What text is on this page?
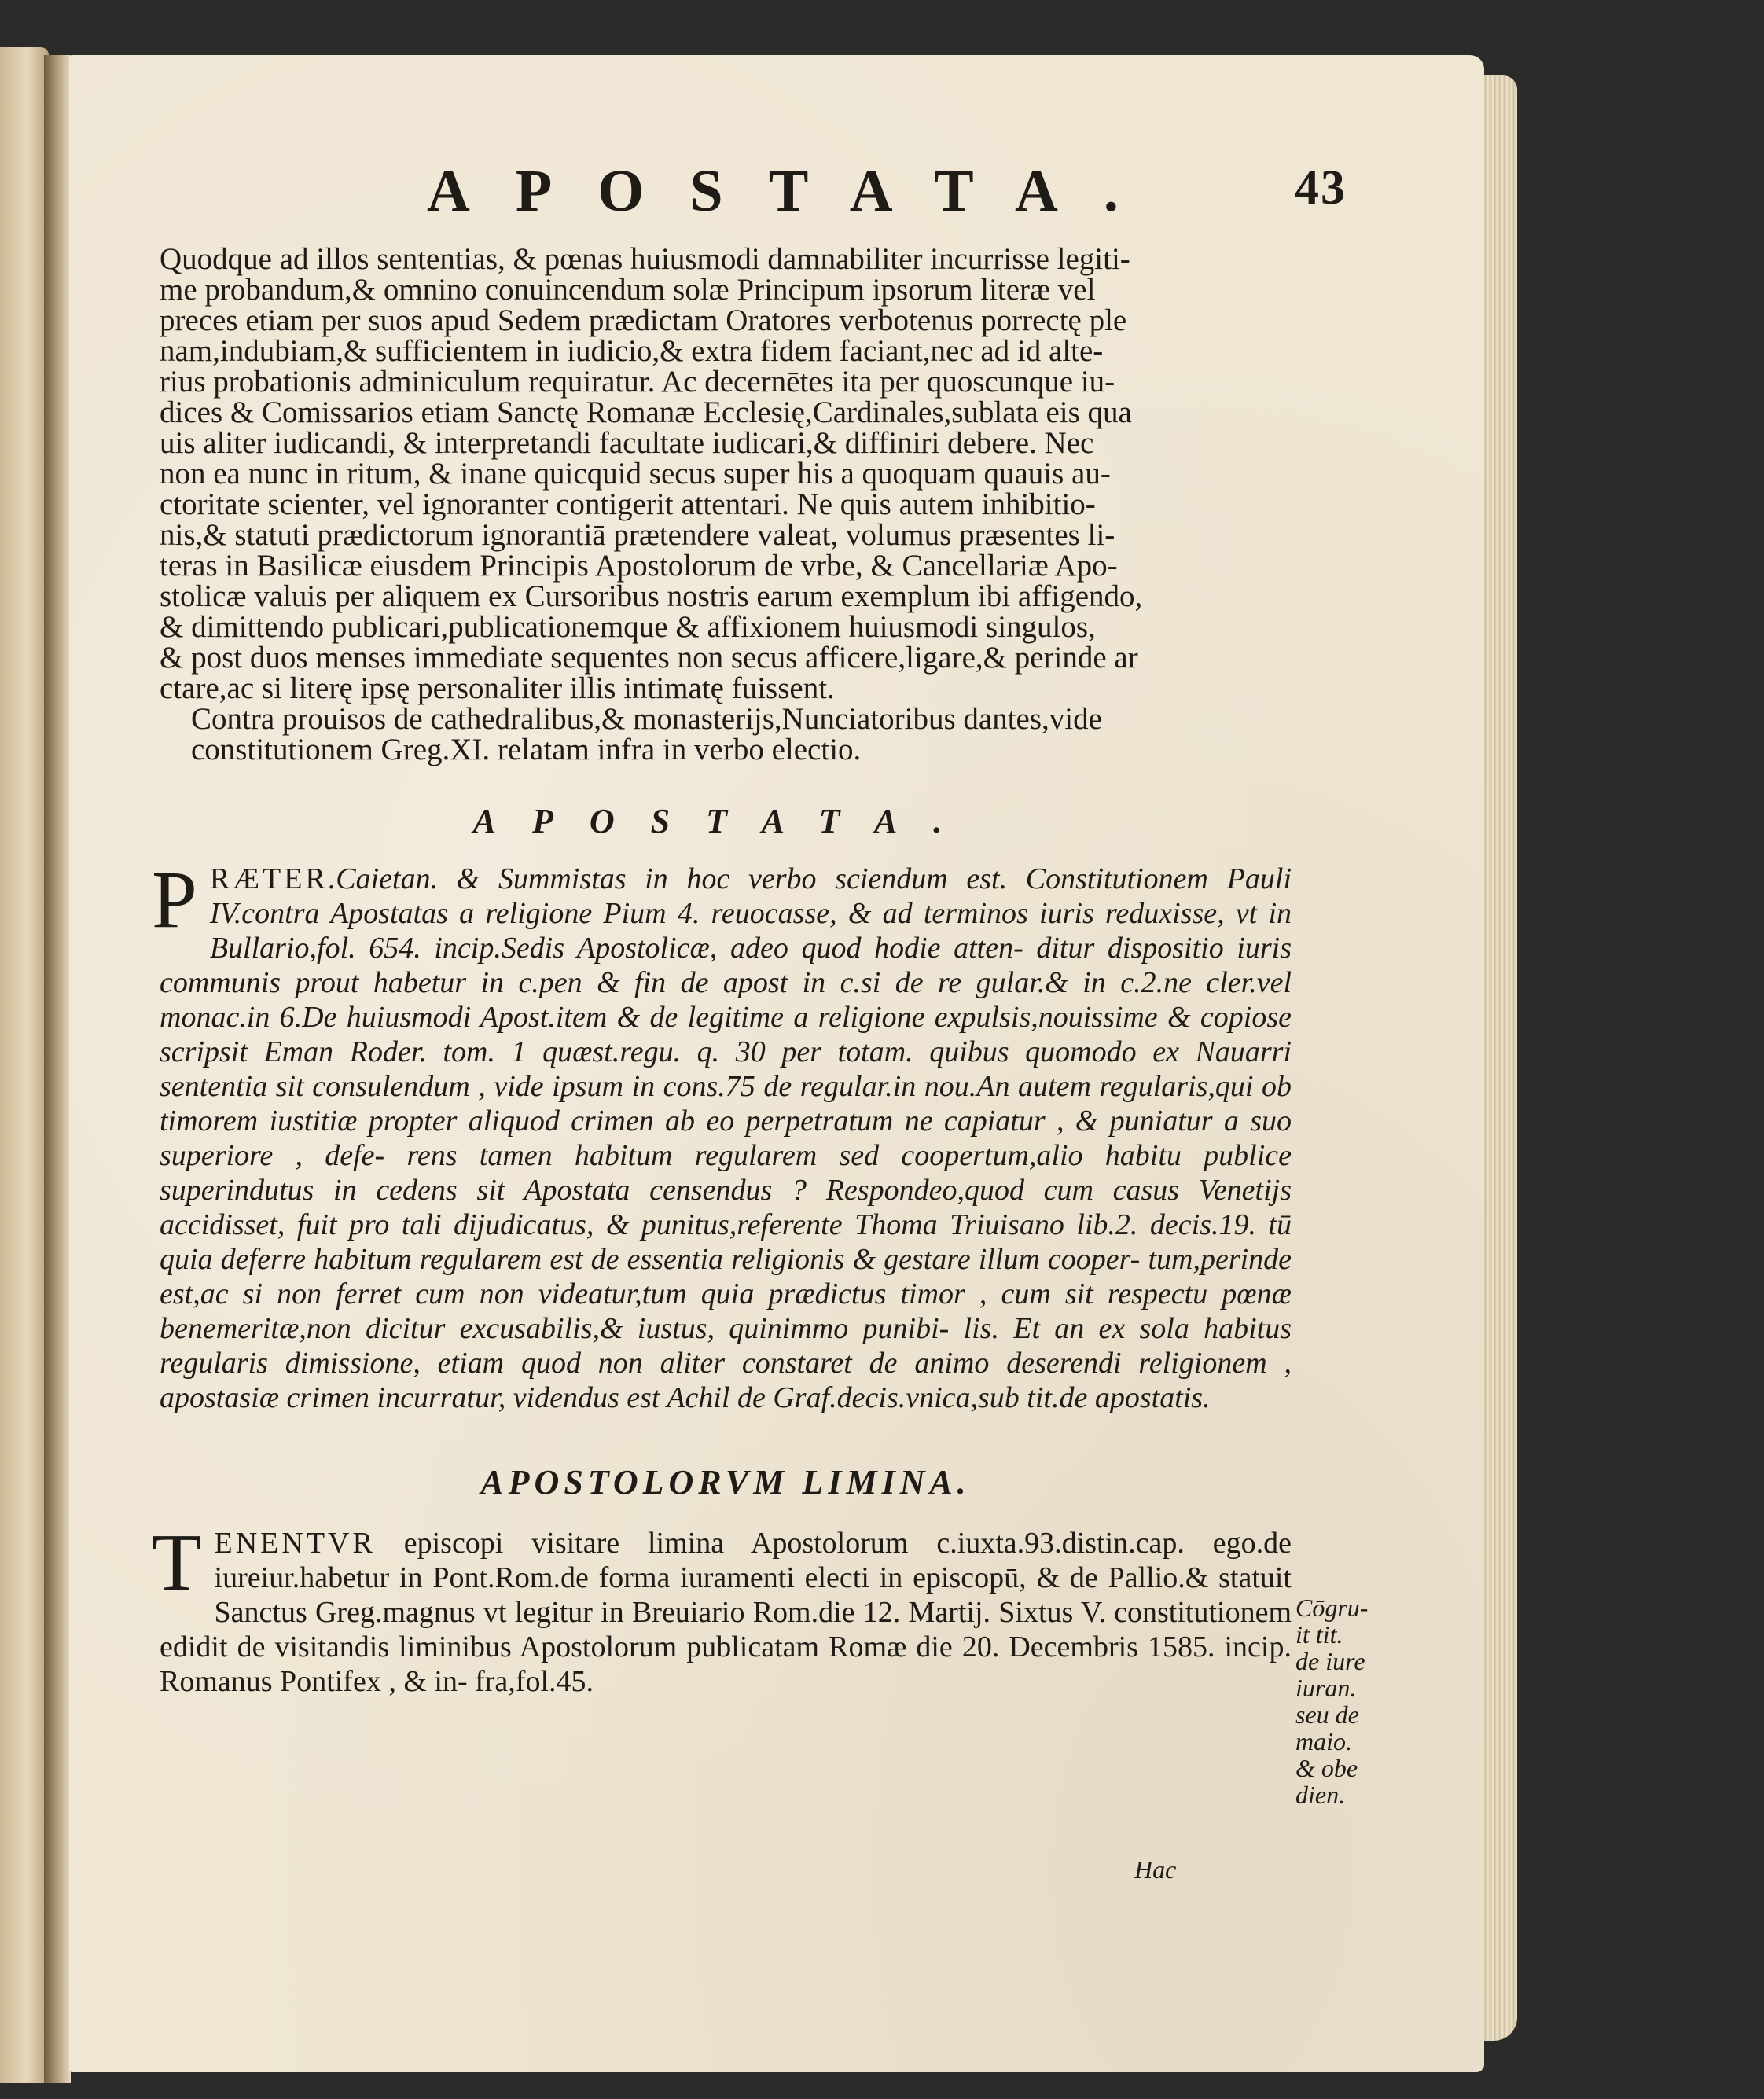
APOSTATA.	43
Quodque ad illos sententias, & pœnas huiusmodi damnabiliter incurrisse legiti-
me probandum,& omnino conuincendum solæ Principum ipsorum literæ vel
preces etiam per suos apud Sedem prædictam Oratores verbotenus porrectę ple
nam,indubiam,& sufficientem in iudicio,& extra fidem faciant,nec ad id alte-
rius probationis adminiculum requiratur. Ac decernētes ita per quoscunque iu-
dices & Comissarios etiam Sanctę Romanæ Ecclesię,Cardinales,sublata eis qua
uis aliter iudicandi, & interpretandi facultate iudicari,& diffiniri debere. Nec
non ea nunc in ritum, & inane quicquid secus super his a quoquam quauis au-
ctoritate scienter, vel ignoranter contigerit attentari. Ne quis autem inhibitio-
nis,& statuti prædictorum ignorantiā prætendere valeat, volumus præsentes li-
teras in Basilicæ eiusdem Principis Apostolorum de vrbe, & Cancellariæ Apo-
stolicæ valuis per aliquem ex Cursoribus nostris earum exemplum ibi affigendo,
& dimittendo publicari,publicationemque & affixionem huiusmodi singulos,
& post duos menses immediate sequentes non secus afficere,ligare,& perinde ar
ctare,ac si literę ipsę personaliter illis intimatę fuissent.
Contra prouisos de cathedralibus,& monasterijs,Nunciatoribus dantes,vide
constitutionem Greg.XI. relatam infra in verbo electio.
APOSTATA.
P RÆTER.Caietan. & Summistas in hoc verbo sciendum est. Constitutionem Pauli IV.contra Apostatas a religione Pium 4. reuocasse, & ad terminos iuris reduxisse, vt in Bullario,fol. 654. incip.Sedis Apostolicæ, adeo quod hodie atten- ditur dispositio iuris communis prout habetur in c.pen & fin de apost in c.si de re gular.& in c.2.ne cler.vel monac.in 6.De huiusmodi Apost.item & de legitime a religione expulsis,nouissime & copiose scripsit Eman Roder. tom. 1 quæst.regu. q. 30 per totam. quibus quomodo ex Nauarri sententia sit consulendum , vide ipsum in cons.75 de regular.in nou.An autem regularis,qui ob timorem iustitiæ propter aliquod crimen ab eo perpetratum ne capiatur , & puniatur a suo superiore , defe- rens tamen habitum regularem sed coopertum,alio habitu publice superindutus in cedens sit Apostata censendus ? Respondeo,quod cum casus Venetijs accidisset, fuit pro tali dijudicatus, & punitus,referente Thoma Triuisano lib.2. decis.19. tū quia deferre habitum regularem est de essentia religionis & gestare illum cooper- tum,perinde est,ac si non ferret cum non videatur,tum quia prædictus timor , cum sit respectu pœnæ benemeritæ,non dicitur excusabilis,& iustus, quinimmo punibi- lis. Et an ex sola habitus regularis dimissione, etiam quod non aliter constaret de animo deserendi religionem , apostasiæ crimen incurratur, videndus est Achil de Graf.decis.vnica,sub tit.de apostatis.
APOSTOLORVM LIMINA.
T ENENTVR episcopi visitare limina Apostolorum c.iuxta.93.distin.cap. ego.de iureiur.habetur in Pont.Rom.de forma iuramenti electi in episcopū, & de Pallio.& statuit Sanctus Greg.magnus vt legitur in Breuiario Rom.die 12. Martij. Sixtus V. constitutionem edidit de visitandis liminibus Apostolorum publicatam Romæ die 20. Decembris 1585. incip. Romanus Pontifex , & in- fra,fol.45.
Cōgru-
it tit.
de iure
iuran.
seu de
maio.
& obe
dien.
Hac
